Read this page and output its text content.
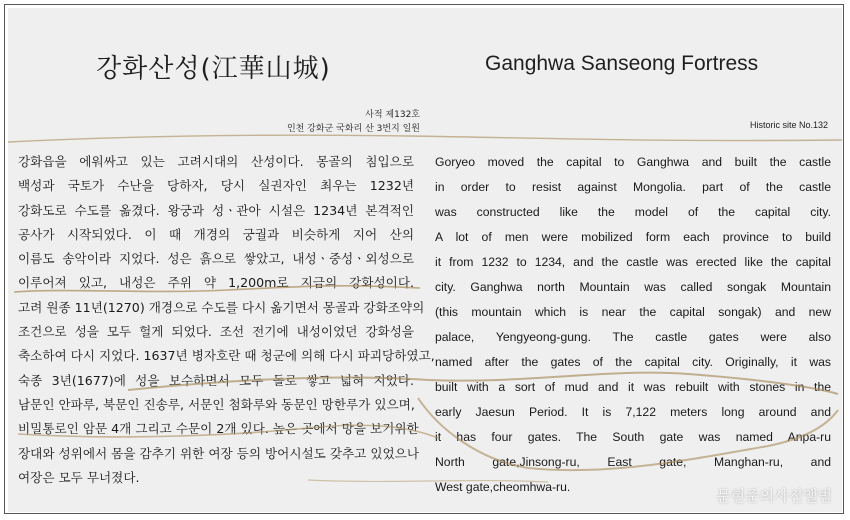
강화산성(江華山城)	Ganghwa Sanseong Fortress
사적 제132호
인천 강화군 국화리 산 3번지 일원	Historic site No.132
강화읍을 에워싸고 있는 고려시대의 산성이다. 몽골의 침입으로
백성과 국토가 수난을 당하자, 당시 실권자인 최우는 1232년
강화도로 수도를 옮겼다. 왕궁과 성ㆍ관아 시설은 1234년 본격적인
공사가 시작되었다. 이 때 개경의 궁궐과 비슷하게 지어 산의
이름도 송악이라 지었다. 성은 흙으로 쌓았고, 내성ㆍ중성ㆍ외성으로
이루어져 있고, 내성은 주위 약 1,200m로 지금의 강화성이다.
고려 원종 11년(1270) 개경으로 수도를 다시 옮기면서 몽골과 강화조약의
조건으로 성을 모두 헐게 되었다. 조선 전기에 내성이었던 강화성을
축소하여 다시 지었다. 1637년 병자호란 때 청군에 의해 다시 파괴당하였고,
숙종 3년(1677)에 성을 보수하면서 모두 돌로 쌓고 넓혀 지었다.
남문인 안파루, 북문인 진송루, 서문인 첨화루와 동문인 망한루가 있으며,
비밀통로인 암문 4개 그리고 수문이 2개 있다. 높은 곳에서 망을 보기위한
장대와 성위에서 몸을 감추기 위한 여장 등의 방어시설도 갖추고 있었으나
여장은 모두 무너졌다.
Goryeo moved the capital to Ganghwa and built the castle
in order to resist against Mongolia. part of the castle
was constructed like the model of the capital city.
A lot of men were mobilized form each province to build
it from 1232 to 1234, and the castle was erected like the capital
city. Ganghwa north Mountain was called songak Mountain
(this mountain which is near the capital songak) and new
palace, Yengyeong-gung. The castle gates were also
named after the gates of the capital city. Originally, it was
built with a sort of mud and it was rebuilt with stones in the
early Jaesun Period. It is 7,122 meters long around and
it has four gates. The South gate was named Anpa-ru
North gate,Jinsong-ru, East gate, Manghan-ru, and
West gate,cheomhwa-ru.	문현준의사진앨범
